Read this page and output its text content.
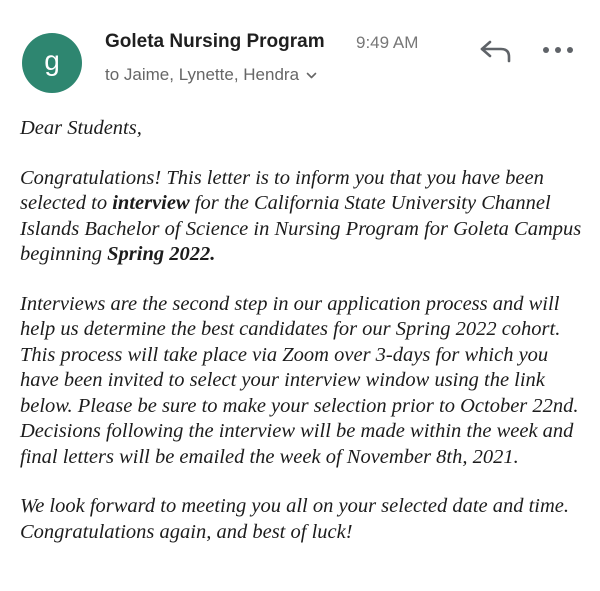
g
Goleta Nursing Program 9:49 AM
to Jaime, Lynette, Hendra

Dear Students,

Congratulations! This letter is to inform you that you have been selected to interview for the California State University Channel Islands Bachelor of Science in Nursing Program for Goleta Campus beginning Spring 2022.

Interviews are the second step in our application process and will help us determine the best candidates for our Spring 2022 cohort. This process will take place via Zoom over 3-days for which you have been invited to select your interview window using the link below. Please be sure to make your selection prior to October 22nd. Decisions following the interview will be made within the week and final letters will be emailed the week of November 8th, 2021.

We look forward to meeting you all on your selected date and time. Congratulations again, and best of luck!
